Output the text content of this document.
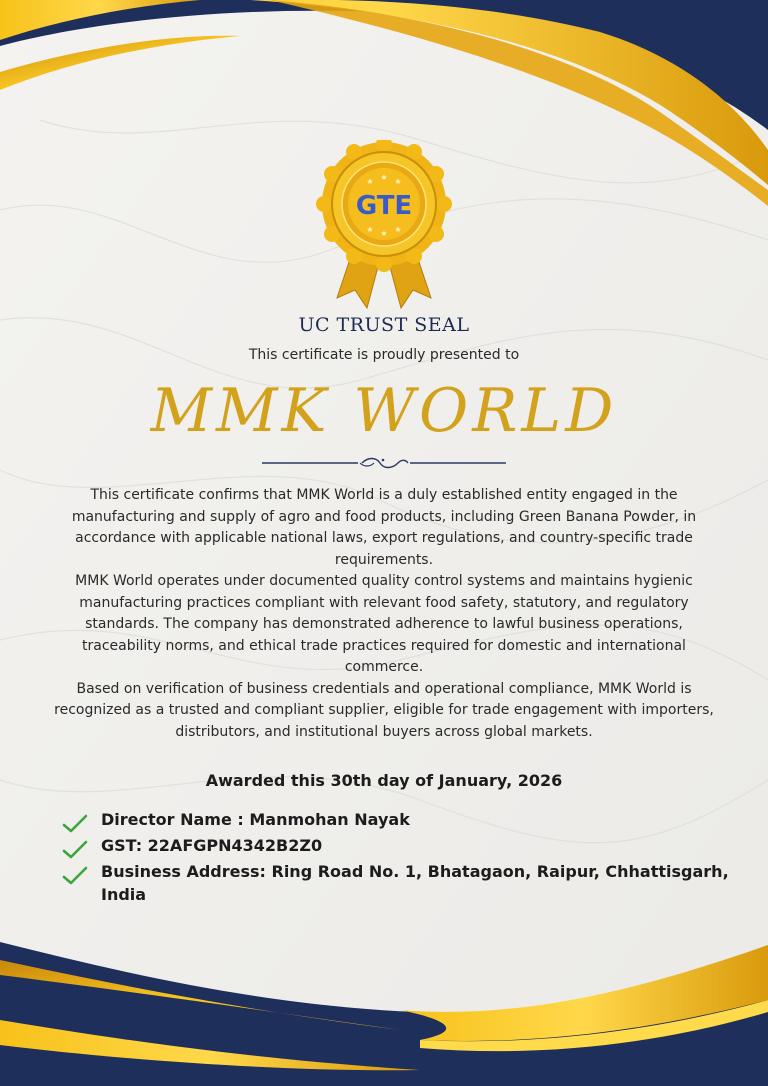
★ ★ ★
★ ★ ★
GTE
UC TRUST SEAL
This certificate is proudly presented to
MMK WORLD

This certificate confirms that MMK World is a duly established entity engaged in the manufacturing and supply of agro and food products, including Green Banana Powder, in accordance with applicable national laws, export regulations, and country-specific trade requirements.

MMK World operates under documented quality control systems and maintains hygienic manufacturing practices compliant with relevant food safety, statutory, and regulatory standards. The company has demonstrated adherence to lawful business operations, traceability norms, and ethical trade practices required for domestic and international commerce.

Based on verification of business credentials and operational compliance, MMK World is recognized as a trusted and compliant supplier, eligible for trade engagement with importers, distributors, and institutional buyers across global markets.

Awarded this 30th day of January, 2026
Director Name : Manmohan Nayak
GST: 22AFGPN4342B2Z0
Business Address: Ring Road No. 1, Bhatagaon, Raipur, Chhattisgarh, India
